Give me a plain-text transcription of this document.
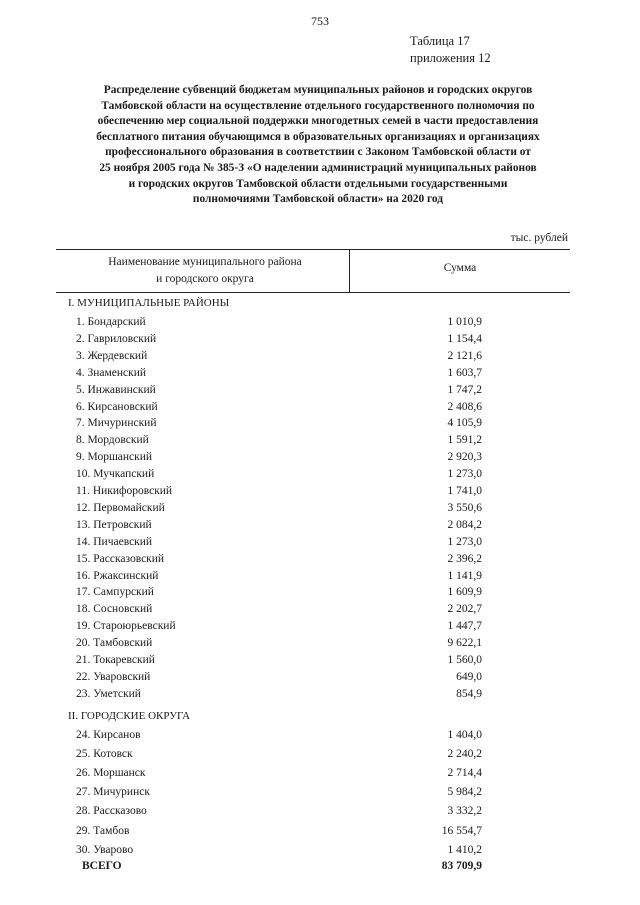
753
Таблица 17
приложения 12
Распределение субвенций бюджетам муниципальных районов и городских округов
Тамбовской области на осуществление отдельного государственного полномочия по
обеспечению мер социальной поддержки многодетных семей в части предоставления
бесплатного питания обучающимся в образовательных организациях и организациях
профессионального образования в соответствии с Законом Тамбовской области от
25 ноября 2005 года № 385-З «О наделении администраций муниципальных районов
и городских округов Тамбовской области отдельными государственными
полномочиями Тамбовской области» на 2020 год
тыс. рублей
Наименование муниципального района
и городского округа
Сумма
I. МУНИЦИПАЛЬНЫЕ РАЙОНЫ
1. Бондарский	1 010,9
2. Гавриловский	1 154,4
3. Жердевский	2 121,6
4. Знаменский	1 603,7
5. Инжавинский	1 747,2
6. Кирсановский	2 408,6
7. Мичуринский	4 105,9
8. Мордовский	1 591,2
9. Моршанский	2 920,3
10. Мучкапский	1 273,0
11. Никифоровский	1 741,0
12. Первомайский	3 550,6
13. Петровский	2 084,2
14. Пичаевский	1 273,0
15. Рассказовский	2 396,2
16. Ржаксинский	1 141,9
17. Сампурский	1 609,9
18. Сосновский	2 202,7
19. Староюрьевский	1 447,7
20. Тамбовский	9 622,1
21. Токаревский	1 560,0
22. Уваровский	649,0
23. Уметский	854,9
II. ГОРОДСКИЕ ОКРУГА
24. Кирсанов	1 404,0
25. Котовск	2 240,2
26. Моршанск	2 714,4
27. Мичуринск	5 984,2
28. Рассказово	3 332,2
29. Тамбов	16 554,7
30. Уварово	1 410,2
ВСЕГО	83 709,9
